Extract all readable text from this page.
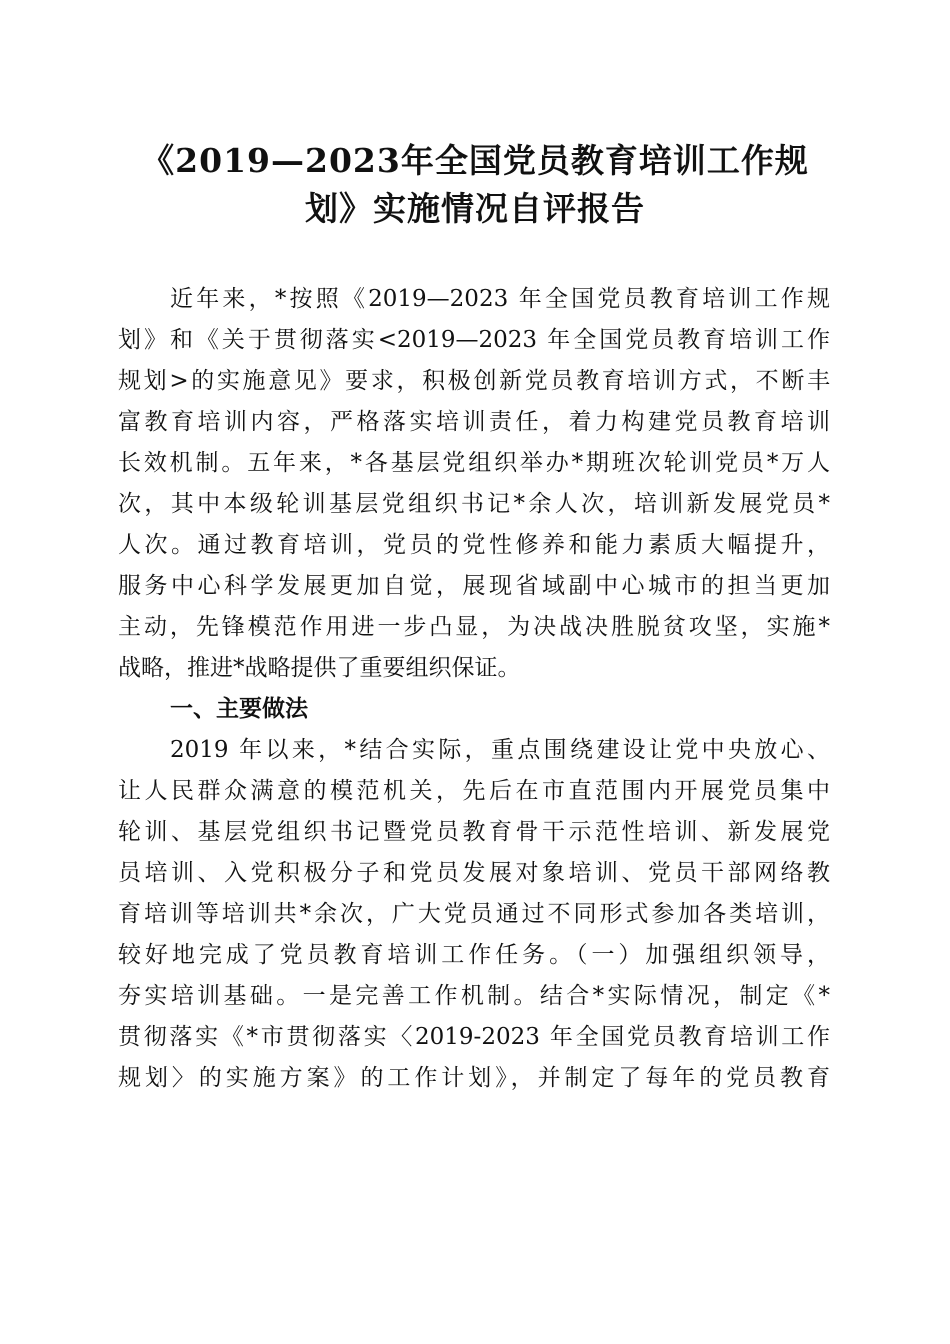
《2019—2023年全国党员教育培训工作规
划》实施情况自评报告

近年来，*按照《2019—2023 年全国党员教育培训工作规

划》和《关于贯彻落实<2019—2023 年全国党员教育培训工作

规划>的实施意见》要求，积极创新党员教育培训方式，不断丰

富教育培训内容，严格落实培训责任，着力构建党员教育培训

长效机制。五年来，*各基层党组织举办*期班次轮训党员*万人

次，其中本级轮训基层党组织书记*余人次，培训新发展党员*

人次。通过教育培训，党员的党性修养和能力素质大幅提升，

服务中心科学发展更加自觉，展现省域副中心城市的担当更加

主动，先锋模范作用进一步凸显，为决战决胜脱贫攻坚，实施*

战略，推进*战略提供了重要组织保证。

一、主要做法

2019 年以来，*结合实际，重点围绕建设让党中央放心、

让人民群众满意的模范机关，先后在市直范围内开展党员集中

轮训、基层党组织书记暨党员教育骨干示范性培训、新发展党

员培训、入党积极分子和党员发展对象培训、党员干部网络教

育培训等培训共*余次，广大党员通过不同形式参加各类培训，

较好地完成了党员教育培训工作任务。（一）加强组织领导，

夯实培训基础。一是完善工作机制。结合*实际情况，制定《*

贯彻落实《*市贯彻落实〈2019-2023 年全国党员教育培训工作

规划〉的实施方案》的工作计划》，并制定了每年的党员教育
